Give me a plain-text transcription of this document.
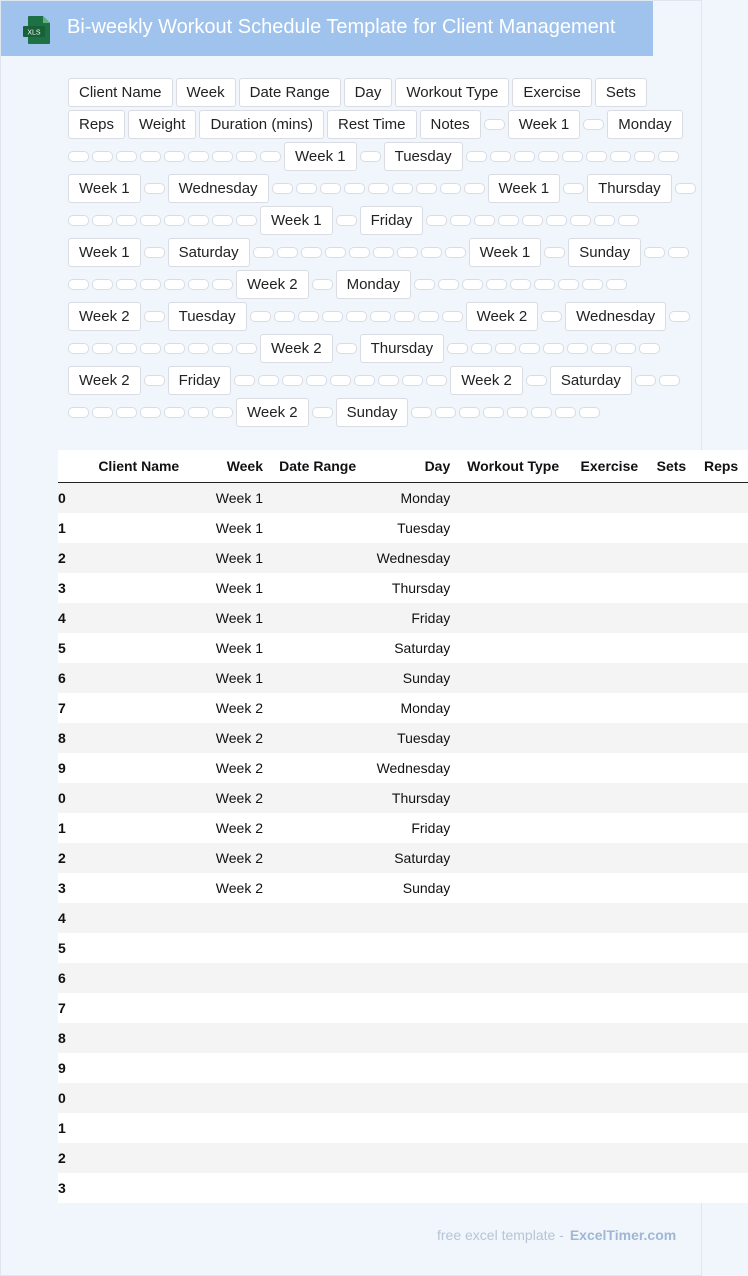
XLS Bi-weekly Workout Schedule Template for Client Management
Client Name	Week	Date Range	Day	Workout Type	Exercise	Sets
Reps	Weight	Duration (mins)	Rest Time	Notes	Week 1	Monday
Week 1	Tuesday
Week 1	Wednesday	Week 1	Thursday
Week 1	Friday
Week 1	Saturday	Week 1	Sunday
Week 2	Monday
Week 2	Tuesday	Week 2	Wednesday
Week 2	Thursday
Week 2	Friday	Week 2	Saturday
Week 2	Sunday
	Client Name	Week	Date Range	Day	Workout Type	Exercise	Sets	Reps
0		Week 1		Monday				
1		Week 1		Tuesday				
2		Week 1		Wednesday				
3		Week 1		Thursday				
4		Week 1		Friday				
5		Week 1		Saturday				
6		Week 1		Sunday				
7		Week 2		Monday				
8		Week 2		Tuesday				
9		Week 2		Wednesday				
0		Week 2		Thursday				
1		Week 2		Friday				
2		Week 2		Saturday				
3		Week 2		Sunday				
4								
5								
6								
7								
8								
9								
0								
1								
2								
3								
free excel template - ExcelTimer.com
